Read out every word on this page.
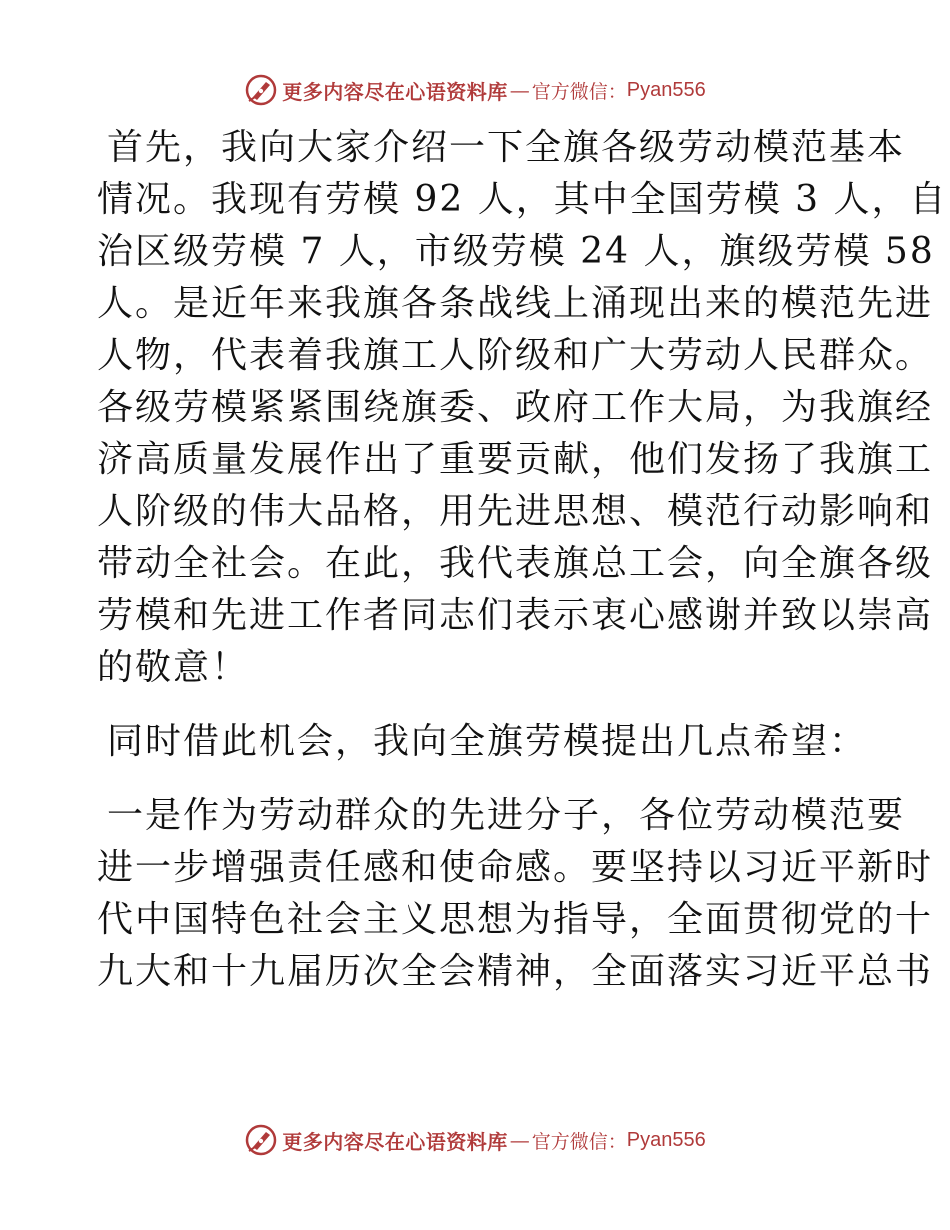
更多内容尽在心语资料库 — 官方微信： Pyan556

首先，我向大家介绍一下全旗各级劳动模范基本
情况。我现有劳模 92 人，其中全国劳模 3 人，自
治区级劳模 7 人，市级劳模 24 人，旗级劳模 58
人。是近年来我旗各条战线上涌现出来的模范先进
人物，代表着我旗工人阶级和广大劳动人民群众。
各级劳模紧紧围绕旗委、政府工作大局，为我旗经
济高质量发展作出了重要贡献，他们发扬了我旗工
人阶级的伟大品格，用先进思想、模范行动影响和
带动全社会。在此，我代表旗总工会，向全旗各级
劳模和先进工作者同志们表示衷心感谢并致以崇高
的敬意！

同时借此机会，我向全旗劳模提出几点希望：

一是作为劳动群众的先进分子，各位劳动模范要
进一步增强责任感和使命感。要坚持以习近平新时
代中国特色社会主义思想为指导，全面贯彻党的十
九大和十九届历次全会精神，全面落实习近平总书

更多内容尽在心语资料库 — 官方微信： Pyan556
